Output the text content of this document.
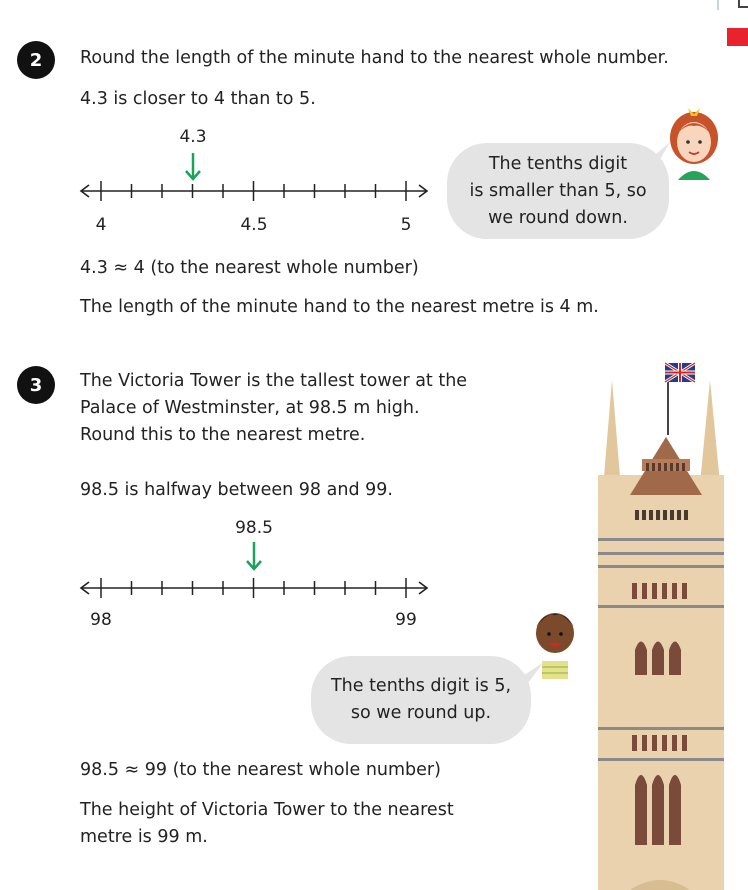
2	Round the length of the minute hand to the nearest whole number.
4.3 is closer to 4 than to 5.
4.3
4	4.5	5
The tenths digit
is smaller than 5, so
we round down.
4.3 ≈ 4 (to the nearest whole number)
The length of the minute hand to the nearest metre is 4 m.
3	The Victoria Tower is the tallest tower at the
Palace of Westminster, at 98.5 m high.
Round this to the nearest metre.
98.5 is halfway between 98 and 99.
98.5
98	99
The tenths digit is 5,
so we round up.
98.5 ≈ 99 (to the nearest whole number)
The height of Victoria Tower to the nearest
metre is 99 m.
